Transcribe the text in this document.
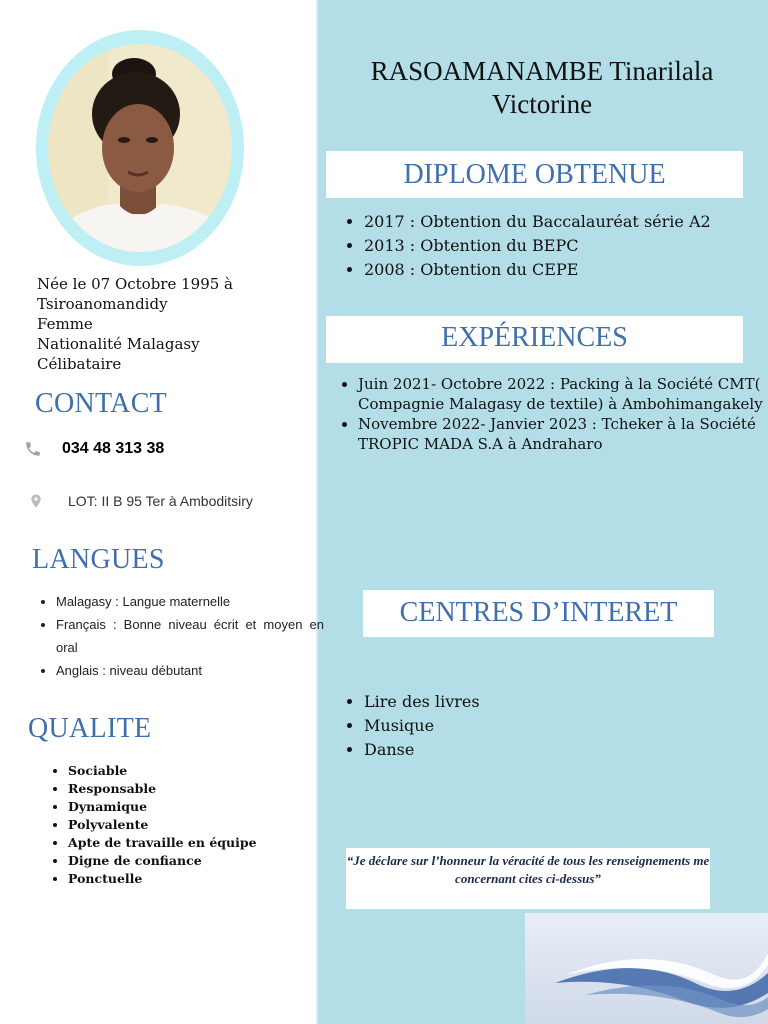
Née le 07 Octobre 1995 à
Tsiroanomandidy
Femme
Nationalité Malagasy
Célibataire
CONTACT
034 48 313 38
LOT: II B 95 Ter à Amboditsiry
LANGUES
• Malagasy : Langue maternelle
• Français : Bonne niveau écrit et moyen en oral
• Anglais : niveau débutant
QUALITE
• Sociable
• Responsable
• Dynamique
• Polyvalente
• Apte de travaille en équipe
• Digne de confiance
• Ponctuelle
RASOAMANAMBE Tinarilala
Victorine
DIPLOME OBTENUE
• 2017 : Obtention du Baccalauréat série A2
• 2013 : Obtention du BEPC
• 2008 : Obtention du CEPE
EXPÉRIENCES
• Juin 2021- Octobre 2022 : Packing à la Société CMT( Compagnie Malagasy de textile) à Ambohimangakely
• Novembre 2022- Janvier 2023 : Tcheker à la Société TROPIC MADA S.A à Andraharo
CENTRES D’INTERET
• Lire des livres
• Musique
• Danse
“Je déclare sur l’honneur la véracité de tous les renseignements me concernant cites ci-dessus”
